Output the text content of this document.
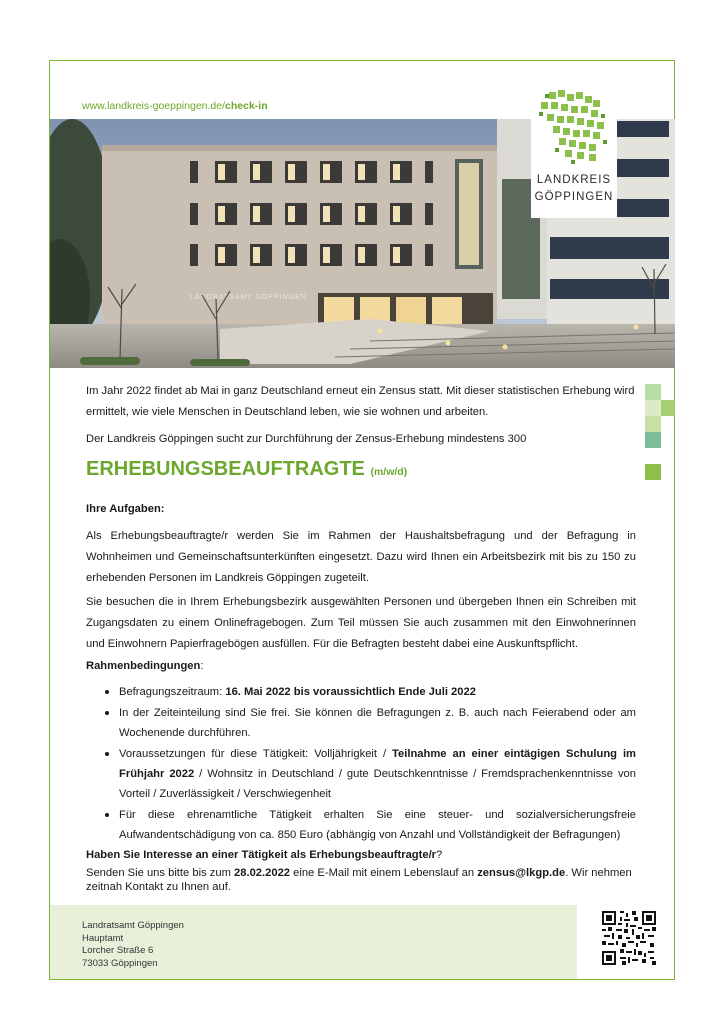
www.landkreis-goeppingen.de/check-in
LANDRATSAMT GÖPPINGEN
LANDKREIS
GÖPPINGEN
Im Jahr 2022 findet ab Mai in ganz Deutschland erneut ein Zensus statt. Mit dieser statistischen Erhebung wird ermittelt, wie viele Menschen in Deutschland leben, wie sie wohnen und arbeiten.
Der Landkreis Göppingen sucht zur Durchführung der Zensus-Erhebung mindestens 300
ERHEBUNGSBEAUFTRAGTE (m/w/d)
Ihre Aufgaben:
Als Erhebungsbeauftragte/r werden Sie im Rahmen der Haushaltsbefragung und der Befragung in Wohnheimen und Gemeinschaftsunterkünften eingesetzt. Dazu wird Ihnen ein Arbeitsbezirk mit bis zu 150 zu erhebenden Personen im Landkreis Göppingen zugeteilt.
Sie besuchen die in Ihrem Erhebungsbezirk ausgewählten Personen und übergeben Ihnen ein Schreiben mit Zugangsdaten zu einem Onlinefragebogen. Zum Teil müssen Sie auch zusammen mit den Einwohnerinnen und Einwohnern Papierfragebögen ausfüllen. Für die Befragten besteht dabei eine Auskunftspflicht.
Rahmenbedingungen:
• Befragungszeitraum: 16. Mai 2022 bis voraussichtlich Ende Juli 2022
• In der Zeiteinteilung sind Sie frei. Sie können die Befragungen z. B. auch nach Feierabend oder am Wochenende durchführen.
• Voraussetzungen für diese Tätigkeit: Volljährigkeit / Teilnahme an einer eintägigen Schulung im Frühjahr 2022 / Wohnsitz in Deutschland / gute Deutschkenntnisse / Fremdsprachenkenntnisse von Vorteil / Zuverlässigkeit / Verschwiegenheit
• Für diese ehrenamtliche Tätigkeit erhalten Sie eine steuer- und sozialversicherungsfreie Aufwandentschädigung von ca. 850 Euro (abhängig von Anzahl und Vollständigkeit der Befragungen)
Haben Sie Interesse an einer Tätigkeit als Erhebungsbeauftragte/r?
Senden Sie uns bitte bis zum 28.02.2022 eine E-Mail mit einem Lebenslauf an zensus@lkgp.de. Wir nehmen zeitnah Kontakt zu Ihnen auf.
Landratsamt Göppingen
Hauptamt
Lorcher Straße 6
73033 Göppingen
